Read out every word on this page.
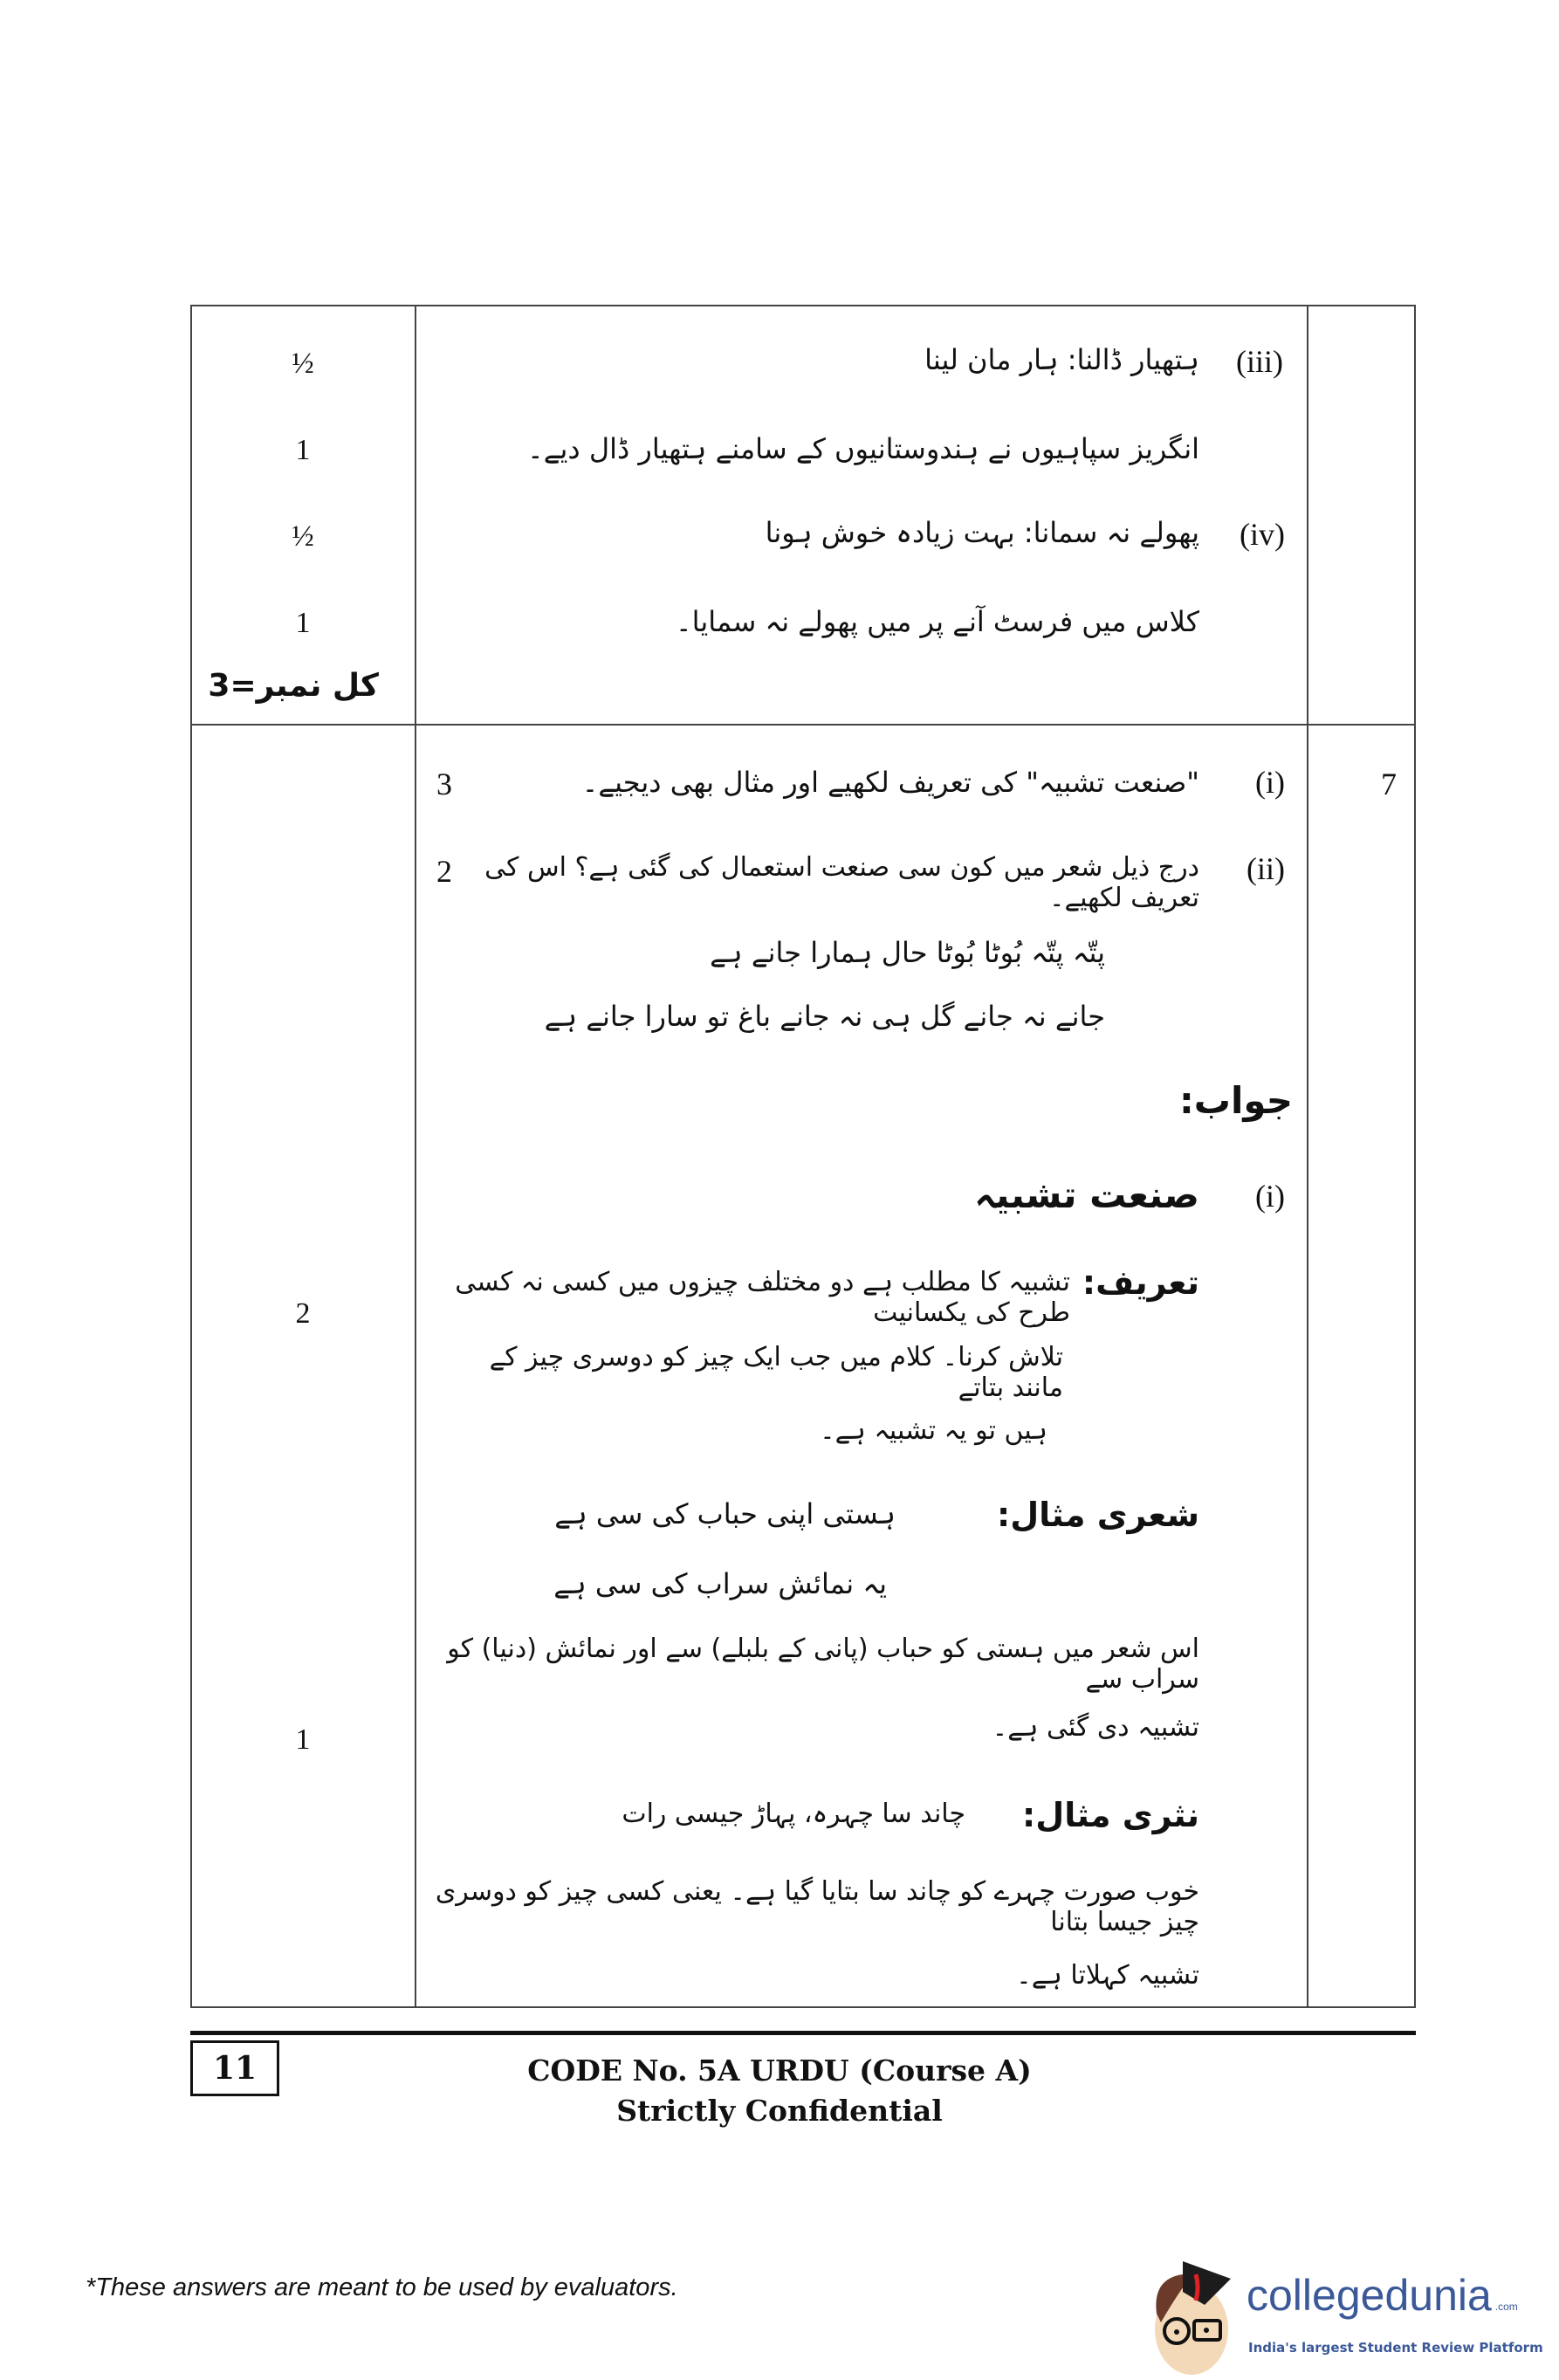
(iii)
ہتھیار ڈالنا: ہار مان لینا
انگریز سپاہیوں نے ہندوستانیوں کے سامنے ہتھیار ڈال دیے۔
(iv)
پھولے نہ سمانا: بہت زیادہ خوش ہونا
کلاس میں فرسٹ آنے پر میں پھولے نہ سمایا۔
½
1
½
1
کل نمبر=3
7
(i)
"صنعت تشبیہ" کی تعریف لکھیے اور مثال بھی دیجیے۔
3
(ii)
درج ذیل شعر میں کون سی صنعت استعمال کی گئی ہے؟ اس کی تعریف لکھیے۔
2
پتّہ پتّہ بُوٹا بُوٹا حال ہمارا جانے ہے
جانے نہ جانے گل ہی نہ جانے باغ تو سارا جانے ہے
جواب:
(i)
صنعت تشبیہ
تعریف:
تشبیہ کا مطلب ہے دو مختلف چیزوں میں کسی نہ کسی طرح کی یکسانیت
تلاش کرنا۔ کلام میں جب ایک چیز کو دوسری چیز کے مانند بتاتے
ہیں تو یہ تشبیہ ہے۔
شعری مثال:
ہستی اپنی حباب کی سی ہے
یہ نمائش سراب کی سی ہے
اس شعر میں ہستی کو حباب (پانی کے بلبلے) سے اور نمائش (دنیا) کو سراب سے
تشبیہ دی گئی ہے۔
نثری مثال:
چاند سا چہرہ، پہاڑ جیسی رات
خوب صورت چہرے کو چاند سا بتایا گیا ہے۔ یعنی کسی چیز کو دوسری چیز جیسا بتانا
تشبیہ کہلاتا ہے۔
2
1
11	CODE No. 5A URDU (Course A)
Strictly Confidential
*These answers are meant to be used by evaluators.	collegedunia .com
India's largest Student Review Platform
